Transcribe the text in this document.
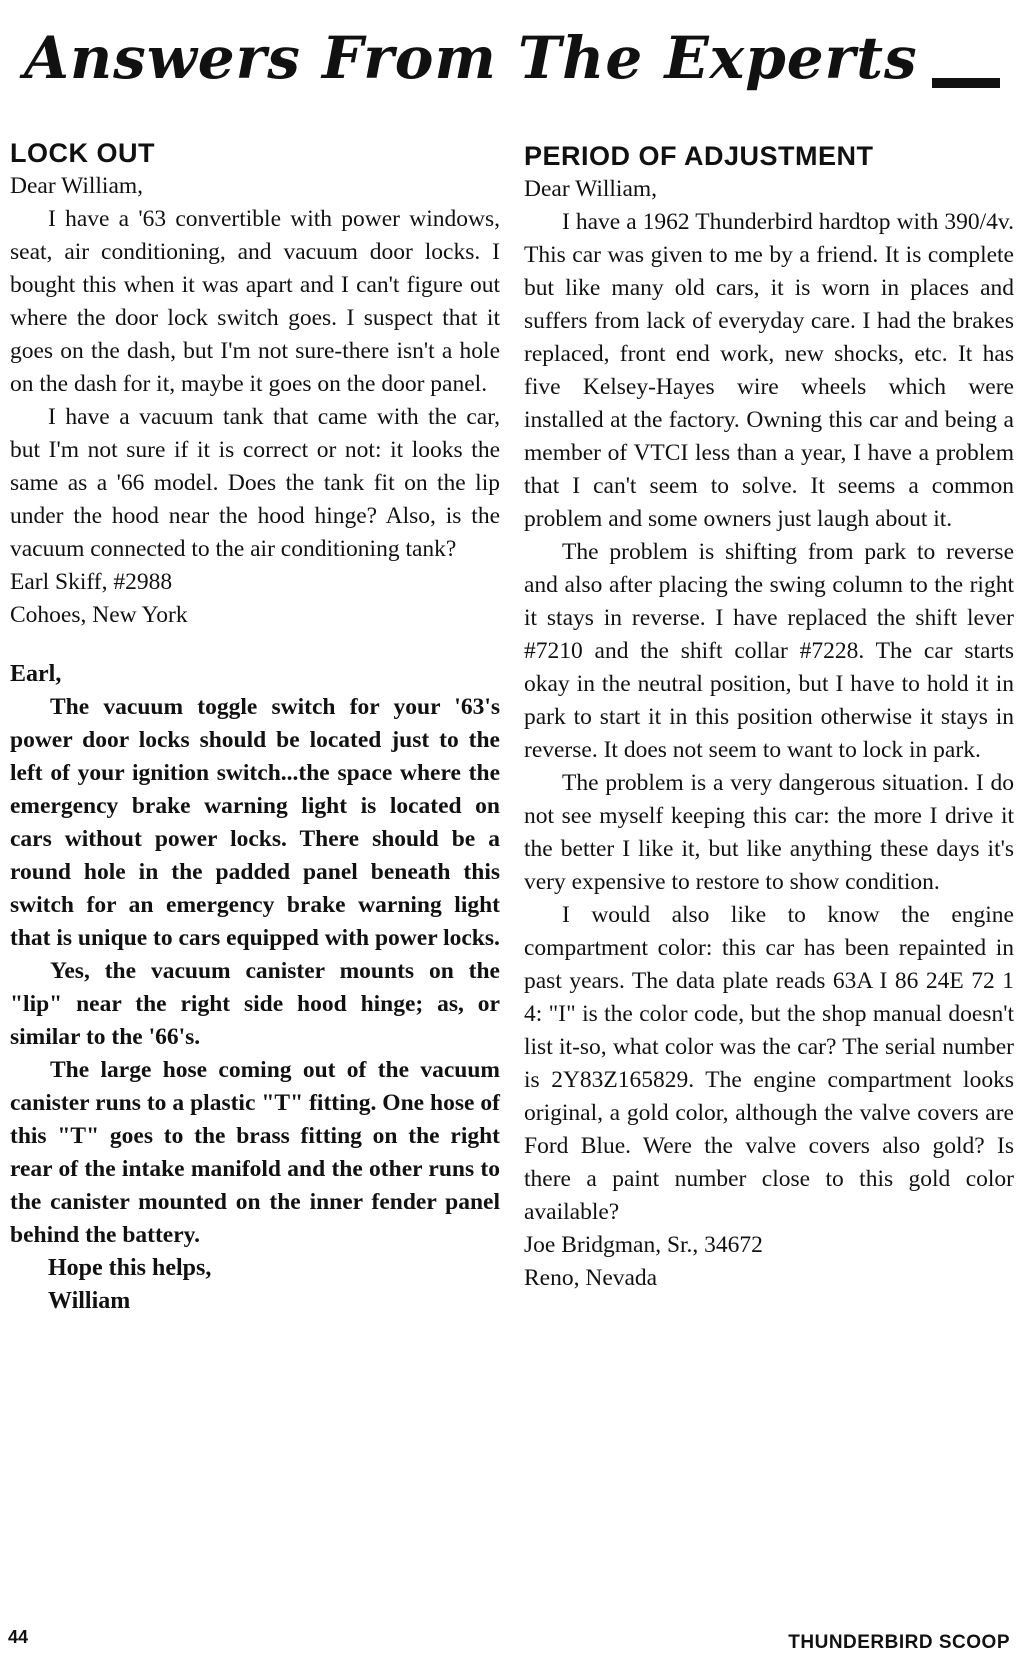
Answers From The Experts
LOCK OUT

Dear William,

I have a '63 convertible with power windows, seat, air conditioning, and vacuum door locks. I bought this when it was apart and I can't figure out where the door lock switch goes. I suspect that it goes on the dash, but I'm not sure-there isn't a hole on the dash for it, maybe it goes on the door panel.

I have a vacuum tank that came with the car, but I'm not sure if it is correct or not: it looks the same as a '66 model. Does the tank fit on the lip under the hood near the hood hinge? Also, is the vacuum connected to the air conditioning tank?

Earl Skiff, #2988

Cohoes, New York

Earl,

The vacuum toggle switch for your '63's power door locks should be located just to the left of your ignition switch...the space where the emergency brake warning light is located on cars without power locks. There should be a round hole in the padded panel beneath this switch for an emergency brake warning light that is unique to cars equipped with power locks.

Yes, the vacuum canister mounts on the "lip" near the right side hood hinge; as, or similar to the '66's.

The large hose coming out of the vacuum canister runs to a plastic "T" fitting. One hose of this "T" goes to the brass fitting on the right rear of the intake manifold and the other runs to the canister mounted on the inner fender panel behind the battery.

Hope this helps,

William

PERIOD OF ADJUSTMENT

Dear William,

I have a 1962 Thunderbird hardtop with 390/4v. This car was given to me by a friend. It is complete but like many old cars, it is worn in places and suffers from lack of everyday care. I had the brakes replaced, front end work, new shocks, etc. It has five Kelsey-Hayes wire wheels which were installed at the factory. Owning this car and being a member of VTCI less than a year, I have a problem that I can't seem to solve. It seems a common problem and some owners just laugh about it.

The problem is shifting from park to reverse and also after placing the swing column to the right it stays in reverse. I have replaced the shift lever #7210 and the shift collar #7228. The car starts okay in the neutral position, but I have to hold it in park to start it in this position otherwise it stays in reverse. It does not seem to want to lock in park.

The problem is a very dangerous situation. I do not see myself keeping this car: the more I drive it the better I like it, but like anything these days it's very expensive to restore to show condition.

I would also like to know the engine compartment color: this car has been repainted in past years. The data plate reads 63A I 86 24E 72 1 4: "I" is the color code, but the shop manual doesn't list it-so, what color was the car? The serial number is 2Y83Z165829. The engine compartment looks original, a gold color, although the valve covers are Ford Blue. Were the valve covers also gold? Is there a paint number close to this gold color available?

Joe Bridgman, Sr., 34672

Reno, Nevada

44	THUNDERBIRD SCOOP
